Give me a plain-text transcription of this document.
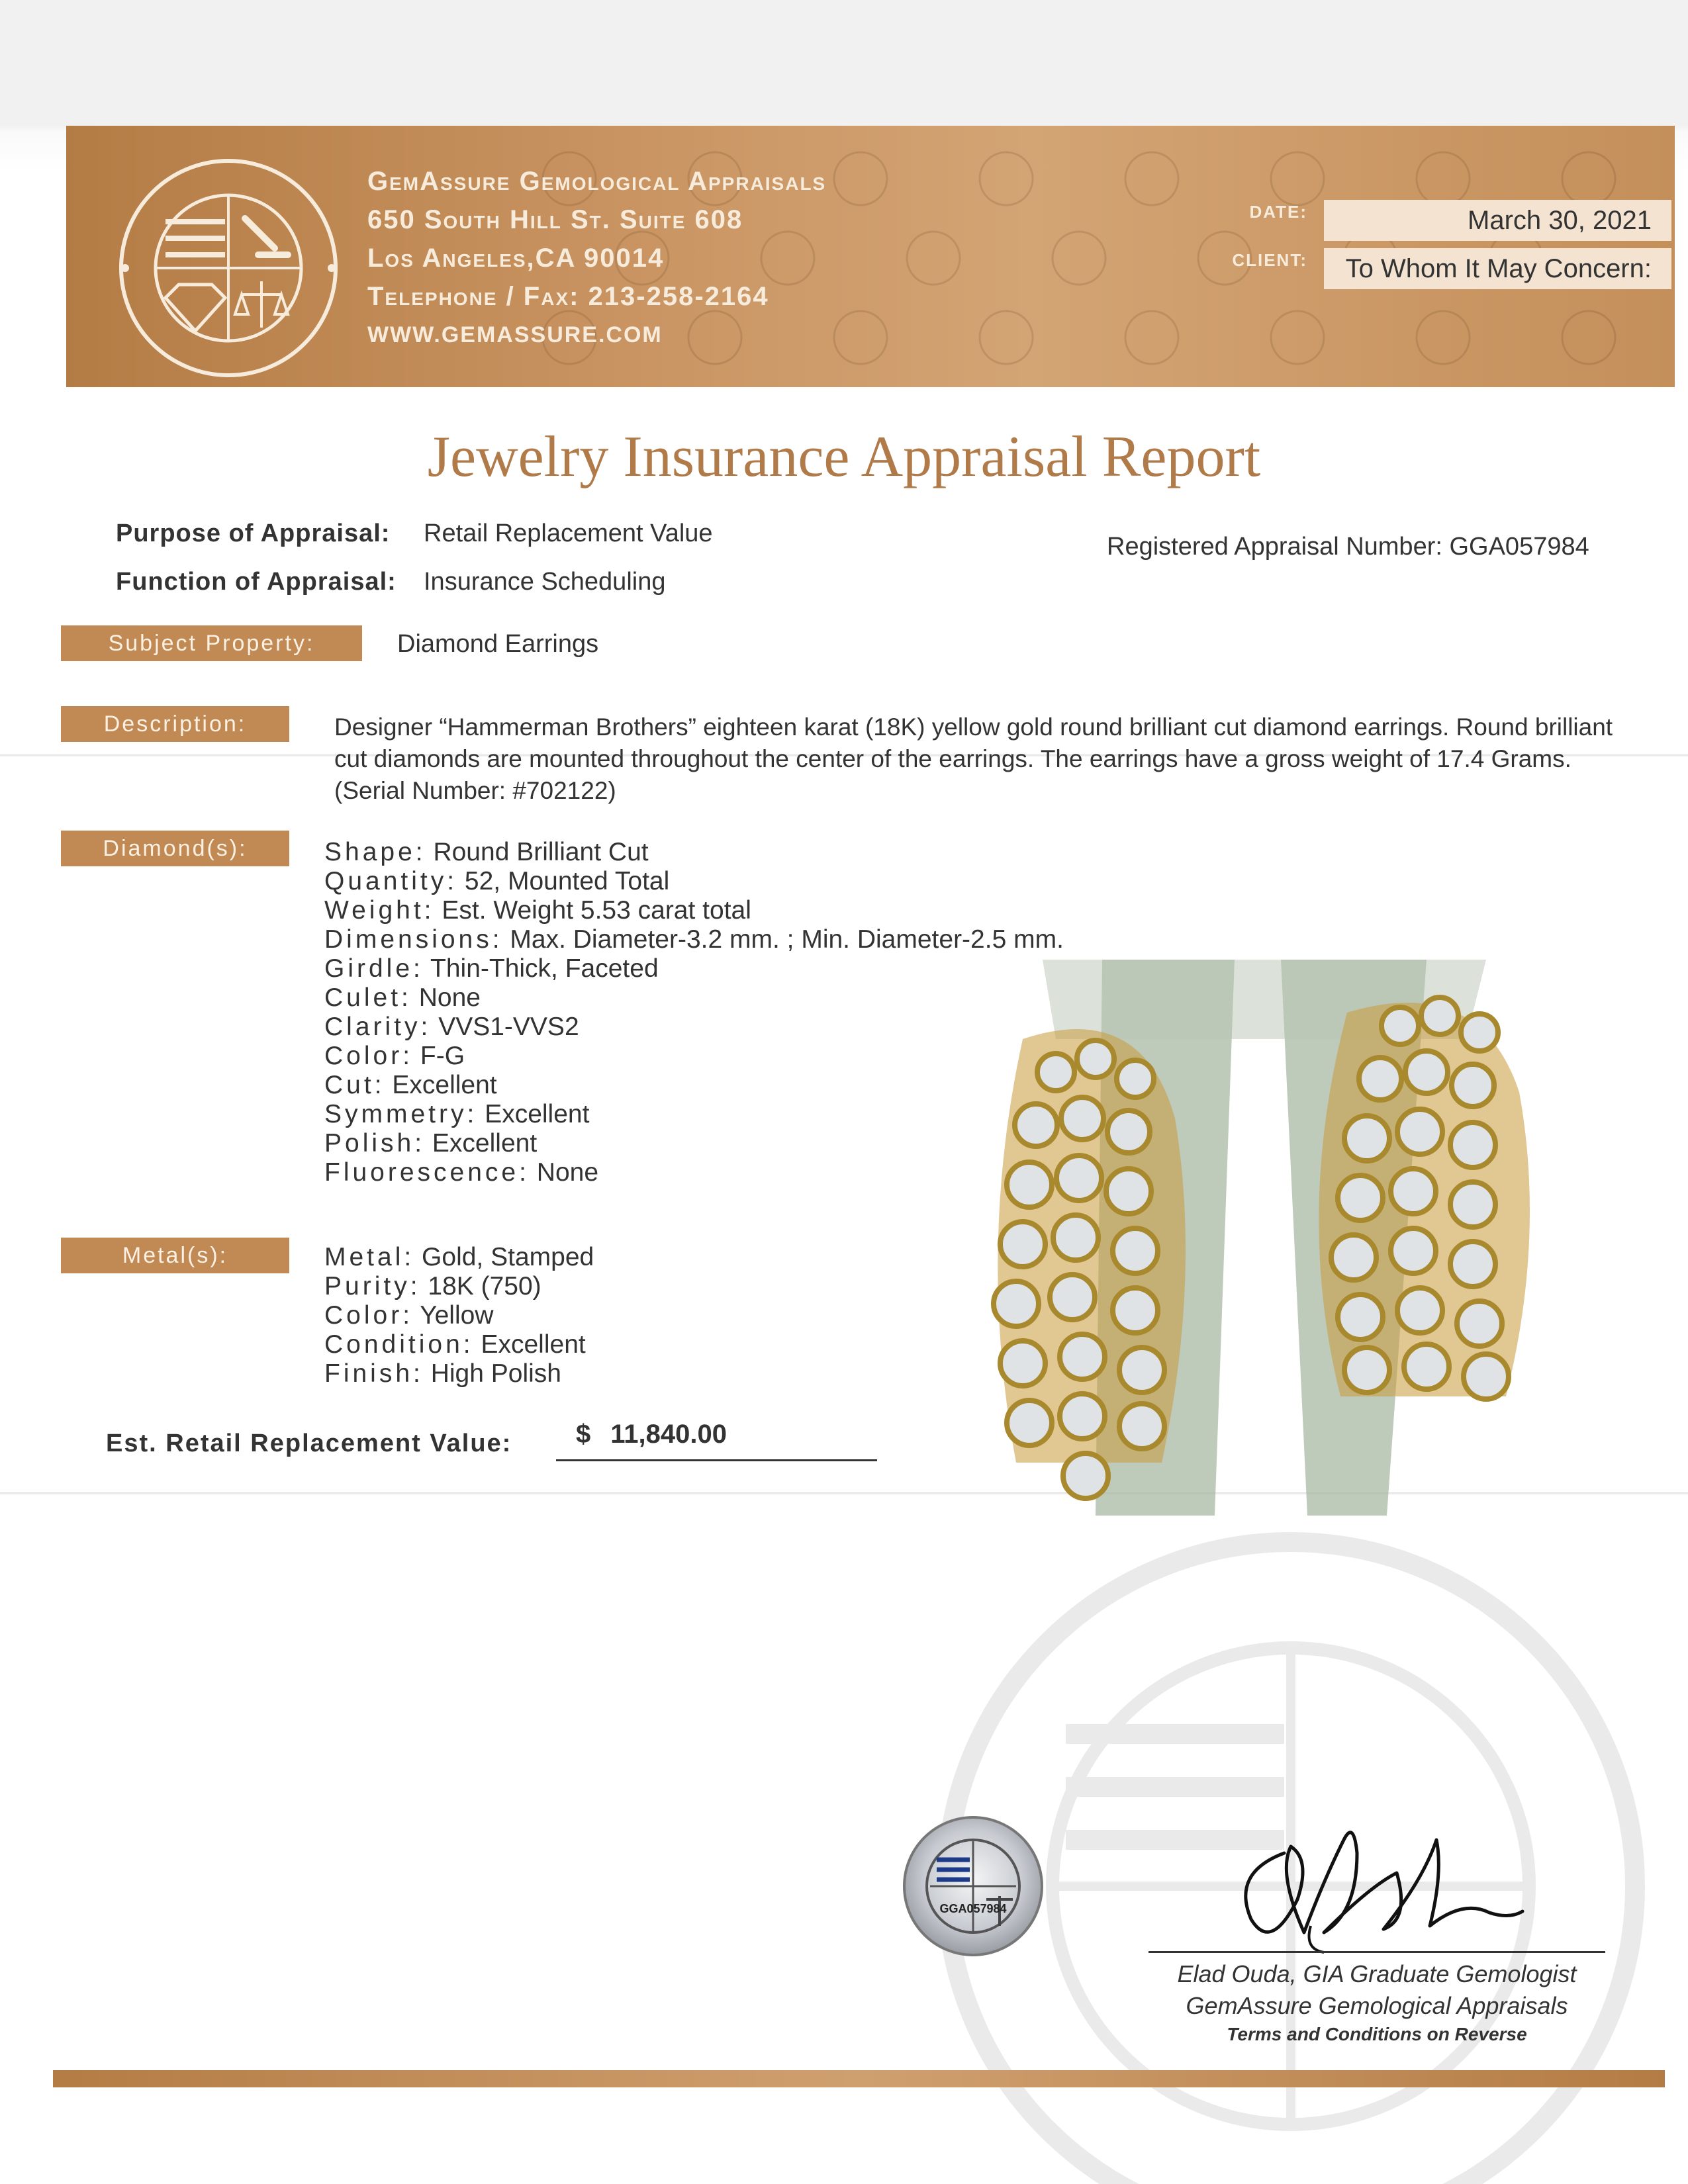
GemAssure Gemological Appraisals
650 South Hill St. Suite 608
Los Angeles,CA 90014
Telephone / Fax: 213-258-2164
WWW.GEMASSURE.COM
DATE:	March 30, 2021
CLIENT:	To Whom It May Concern:
Jewelry Insurance Appraisal Report
Purpose of Appraisal: Retail Replacement Value
Function of Appraisal: Insurance Scheduling
Registered Appraisal Number: GGA057984
Subject Property:	Diamond Earrings
Description:	Designer “Hammerman Brothers” eighteen karat (18K) yellow gold round brilliant cut diamond earrings. Round brilliant cut diamonds are mounted throughout the center of the earrings. The earrings have a gross weight of 17.4 Grams. (Serial Number: #702122)
Diamond(s):	Shape: Round Brilliant Cut
Quantity: 52, Mounted Total
Weight: Est. Weight 5.53 carat total
Dimensions: Max. Diameter-3.2 mm. ; Min. Diameter-2.5 mm.
Girdle: Thin-Thick, Faceted
Culet: None
Clarity: VVS1-VVS2
Color: F-G
Cut: Excellent
Symmetry: Excellent
Polish: Excellent
Fluorescence: None
Metal(s):	Metal: Gold, Stamped
Purity: 18K (750)
Color: Yellow
Condition: Excellent
Finish: High Polish
Est. Retail Replacement Value:	$ 11,840.00
GGA057984
Elad Ouda, GIA Graduate Gemologist
GemAssure Gemological Appraisals
Terms and Conditions on Reverse
